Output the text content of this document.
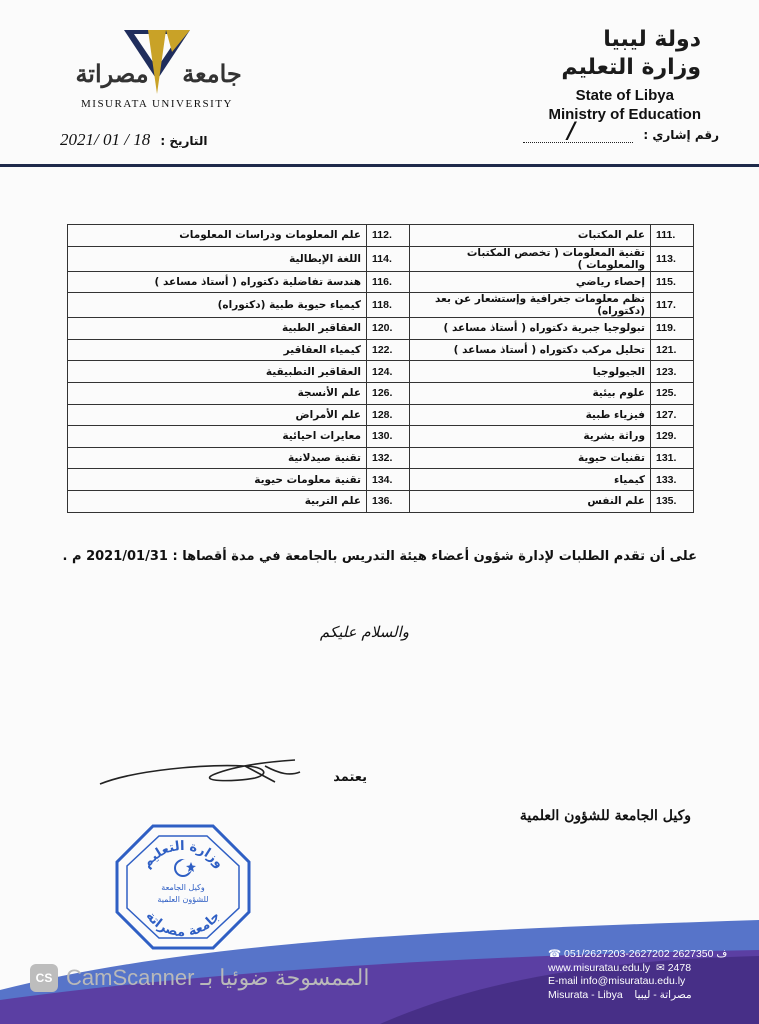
دولة ليبيا
وزارة التعليم
State of Libya
Ministry of Education
رقم إشاري :
/

مصراتة جامعة
MISURATA UNIVERSITY
التاريخ : 2021/ 01 / 18
111.	علم المكتبات	112.	علم المعلومات ودراسات المعلومات
113.	تقنية المعلومات ( تخصص المكتبات والمعلومات )	114.	اللغة الإيطالية
115.	إحصاء رياضي	116.	هندسة تفاضلية دكتوراه ( أستاذ مساعد )
117.	نظم معلومات جغرافية وإستشعار عن بعد (دكتوراه)	118.	كيمياء حيوية طبية (دكتوراه)
119.	تبولوجيا جبرية دكتوراه ( أستاذ مساعد )	120.	العقاقير الطبية
121.	تحليل مركب دكتوراه ( أستاذ مساعد )	122.	كيمياء العقاقير
123.	الجيولوجيا	124.	العقاقير التطبيقية
125.	علوم بيئية	126.	علم الأنسجة
127.	فيزياء طبية	128.	علم الأمراض
129.	وراثة بشرية	130.	معايرات احيائية
131.	تقنيات حيوية	132.	تقنية صيدلانية
133.	كيمياء	134.	تقنية معلومات حيوية
135.	علم النفس	136.	علم التربية
على أن تقدم الطلبات لإدارة شؤون أعضاء هيئة التدريس بالجامعة في مدة أقصاها : 2021/01/31 م .
والسلام عليكم
يعتمد
وكيل الجامعة للشؤون العلمية
وزارة التعليم
جامعة مصراتة
وكيل الجامعة
للشؤون العلمية
☎ 051/2627203-2627202 ف 2627350
www.misuratau.edu.ly  ✉ 2478
E-mail info@misuratau.edu.ly
Misurata - Libya مصراتة - ليبيا
CS CamScanner الممسوحة ضوئيا بـ
